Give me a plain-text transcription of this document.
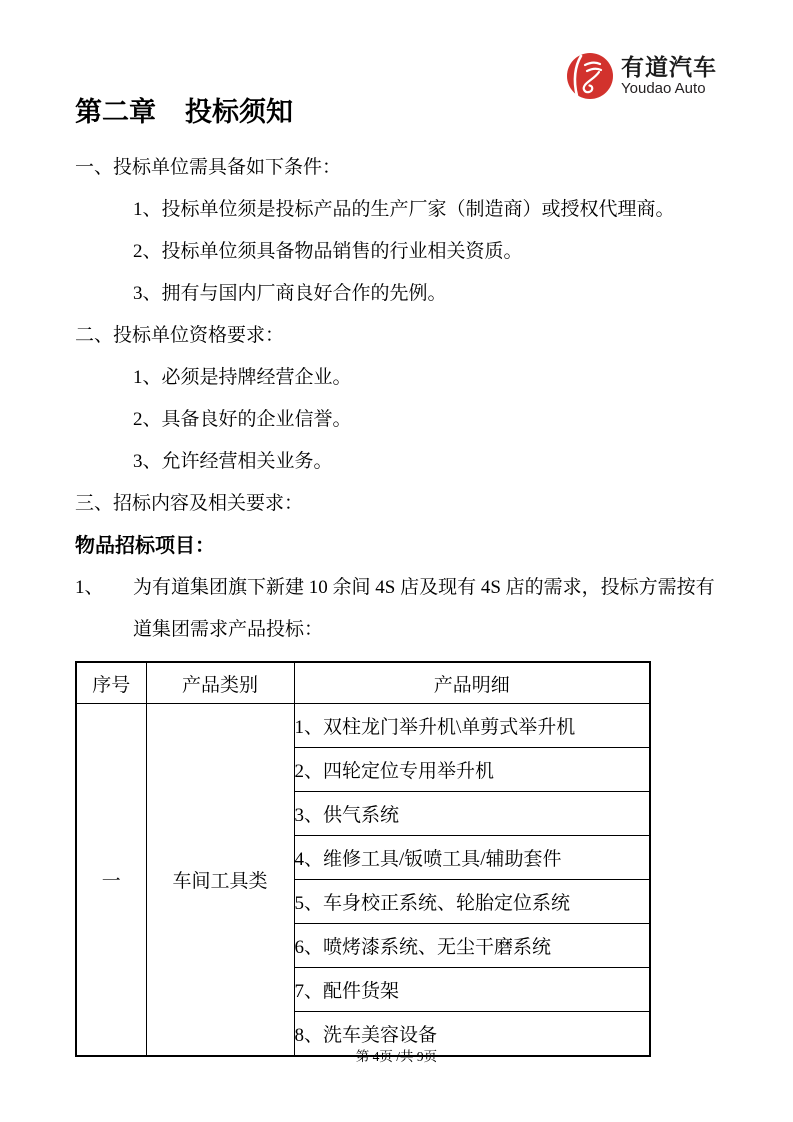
有道汽车
Youdao Auto
第二章 投标须知

一、投标单位需具备如下条件：

1、投标单位须是投标产品的生产厂家（制造商）或授权代理商。

2、投标单位须具备物品销售的行业相关资质。

3、拥有与国内厂商良好合作的先例。

二、投标单位资格要求：

1、必须是持牌经营企业。

2、具备良好的企业信誉。

3、允许经营相关业务。

三、招标内容及相关要求：

物品招标项目：

1、	为有道集团旗下新建 10 余间 4S 店及现有 4S 店的需求，投标方需按有

道集团需求产品投标：

序号	产品类别	产品明细
一	车间工具类	1、双柱龙门举升机\单剪式举升机
		2、四轮定位专用举升机
		3、供气系统
		4、维修工具/钣喷工具/辅助套件
		5、车身校正系统、轮胎定位系统
		6、喷烤漆系统、无尘干磨系统
		7、配件货架
		8、洗车美容设备
第 4页 /共 9页
